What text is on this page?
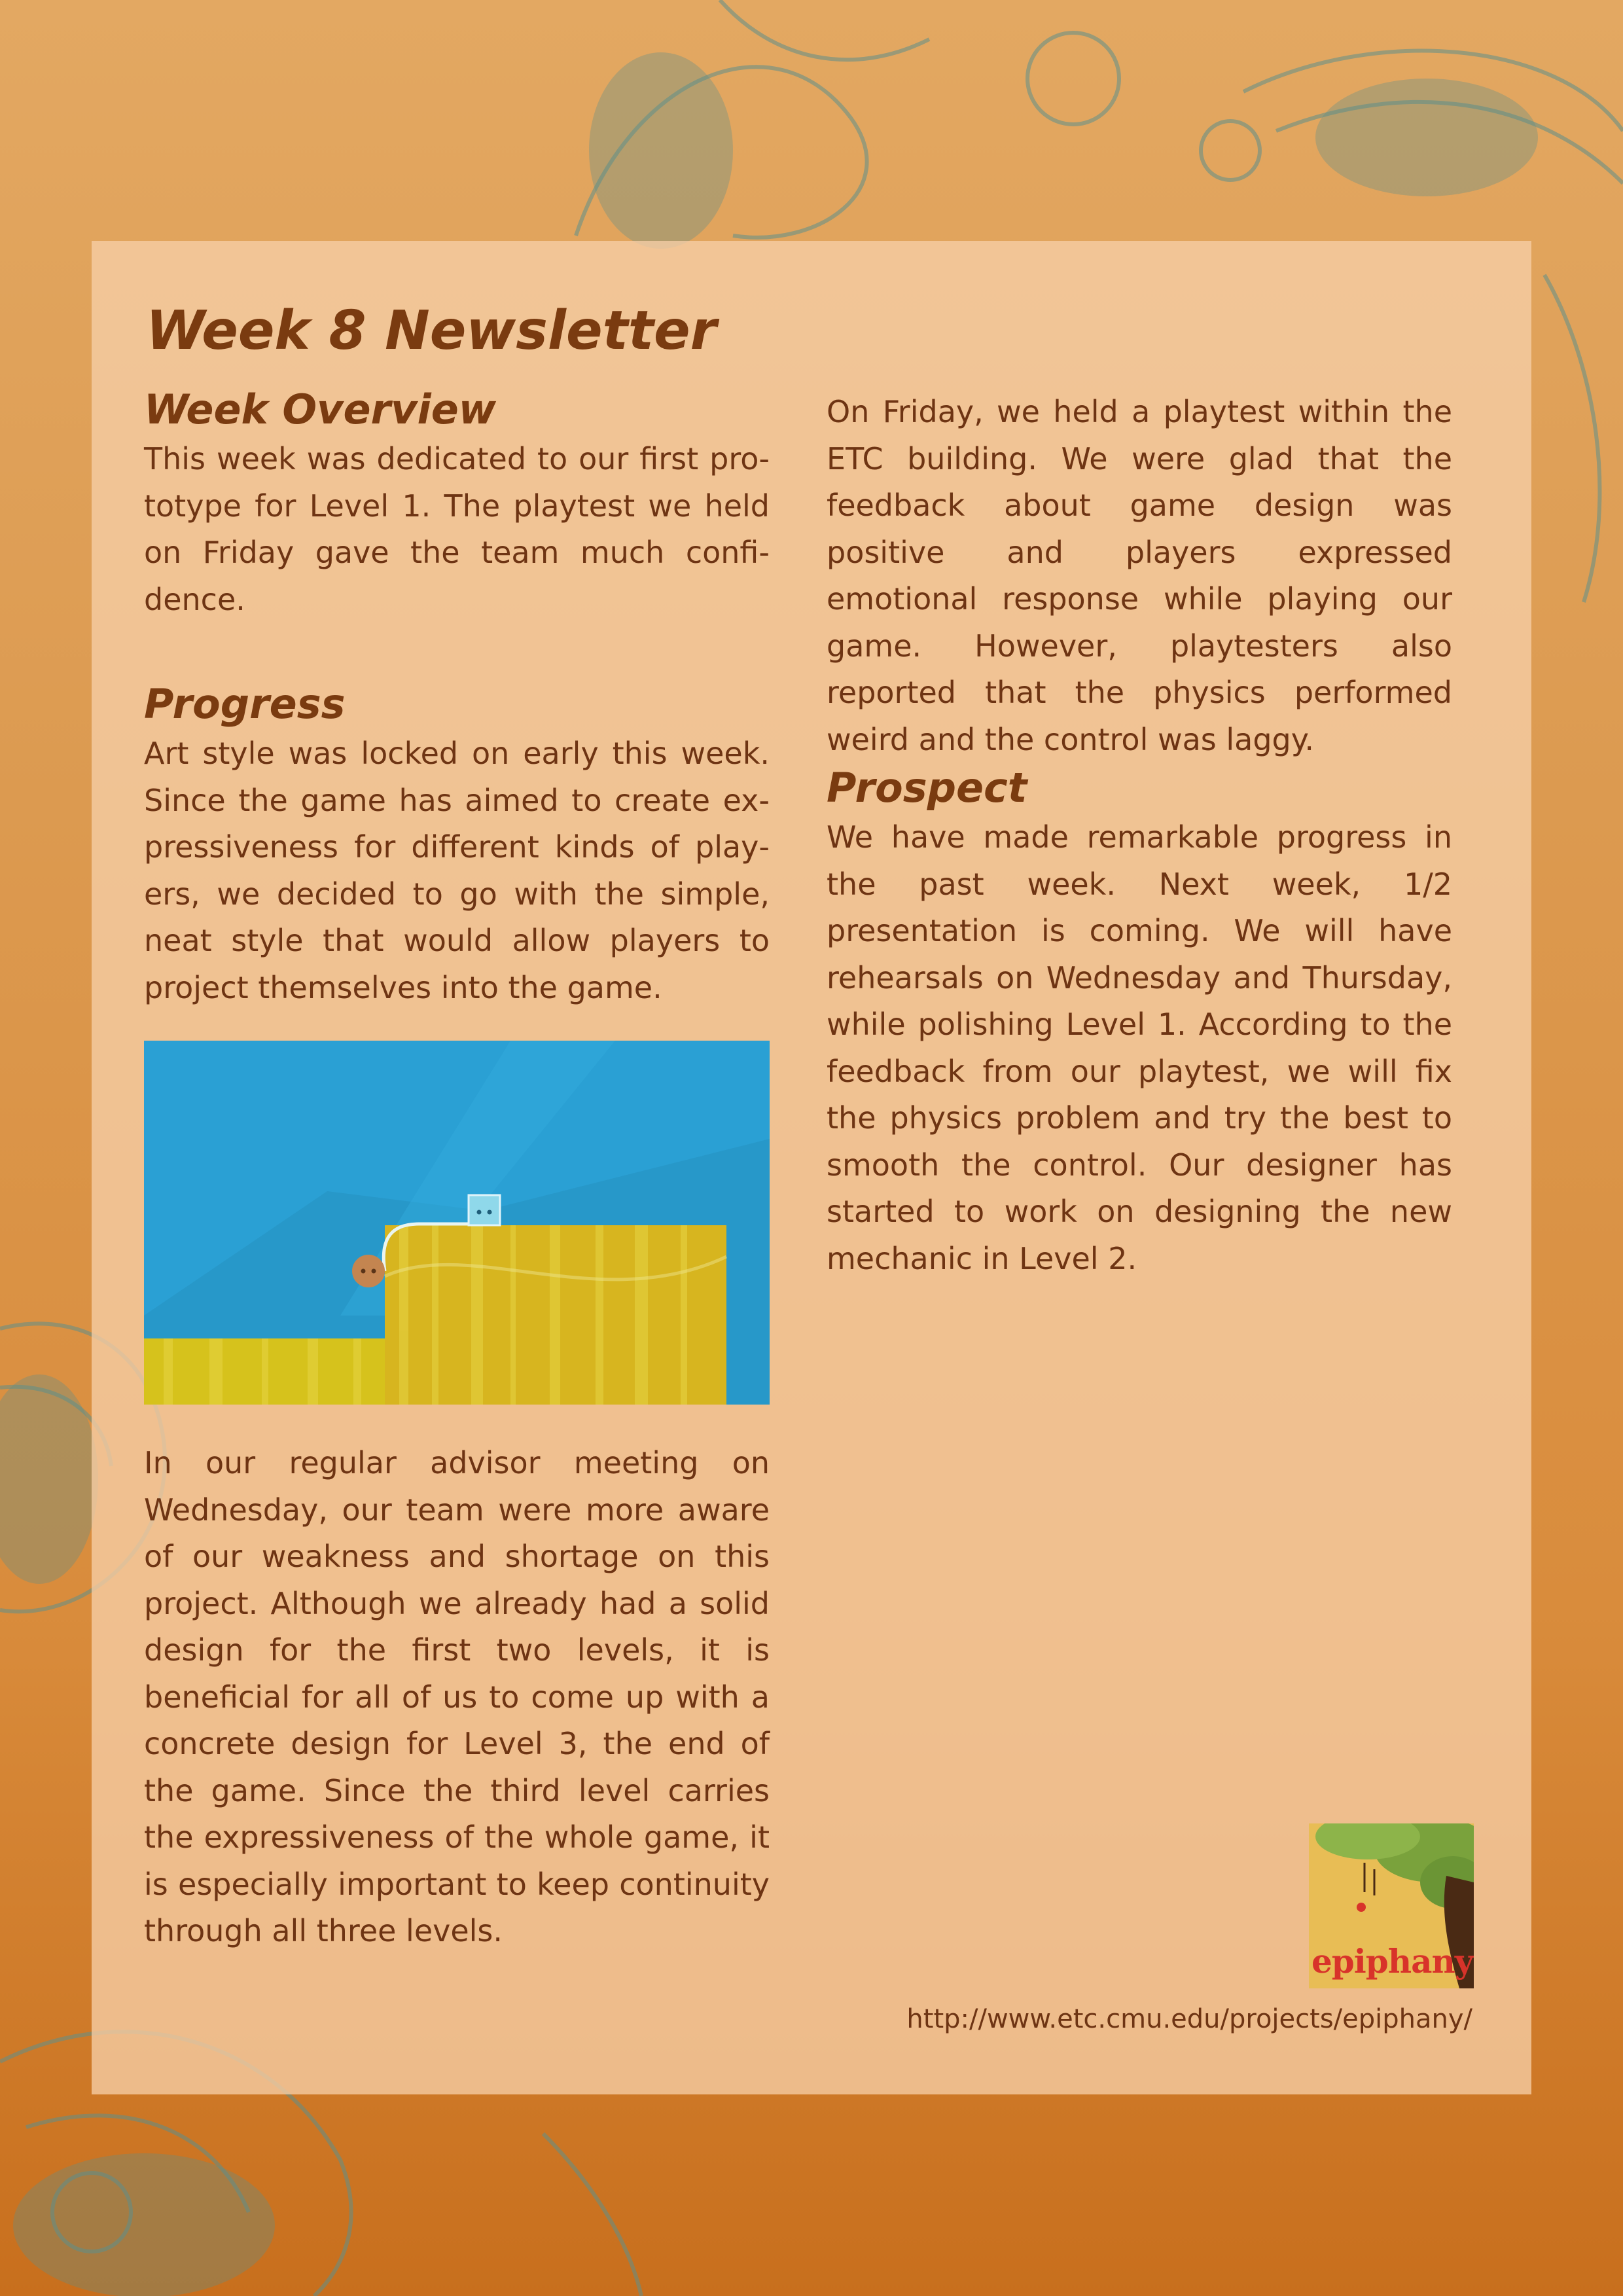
Week 8 Newsletter
Week Overview

This week was dedicated to our first prototype for Level 1. The playtest we held on Friday gave the team much confidence.

Progress

Art style was locked on early this week. Since the game has aimed to create expressiveness for different kinds of players, we decided to go with the simple, neat style that would allow players to project themselves into the game.

In our regular advisor meeting on Wednesday, our team were more aware of our weakness and shortage on this project. Although we already had a solid design for the first two levels, it is beneficial for all of us to come up with a concrete design for Level 3, the end of the game. Since the third level carries the expressiveness of the whole game, it is especially important to keep continuity through all three levels.

On Friday, we held a playtest within the ETC building. We were glad that the feedback about game design was positive and players expressed emotional response while playing our game. However, playtesters also reported that the physics performed weird and the control was laggy.

Prospect

We have made remarkable progress in the past week. Next week, 1/2 presentation is coming. We will have rehearsals on Wednesday and Thursday, while polishing Level 1. According to the feedback from our playtest, we will fix the physics problem and try the best to smooth the control. Our designer has started to work on designing the new mechanic in Level 2.

epiphany
http://www.etc.cmu.edu/projects/epiphany/
